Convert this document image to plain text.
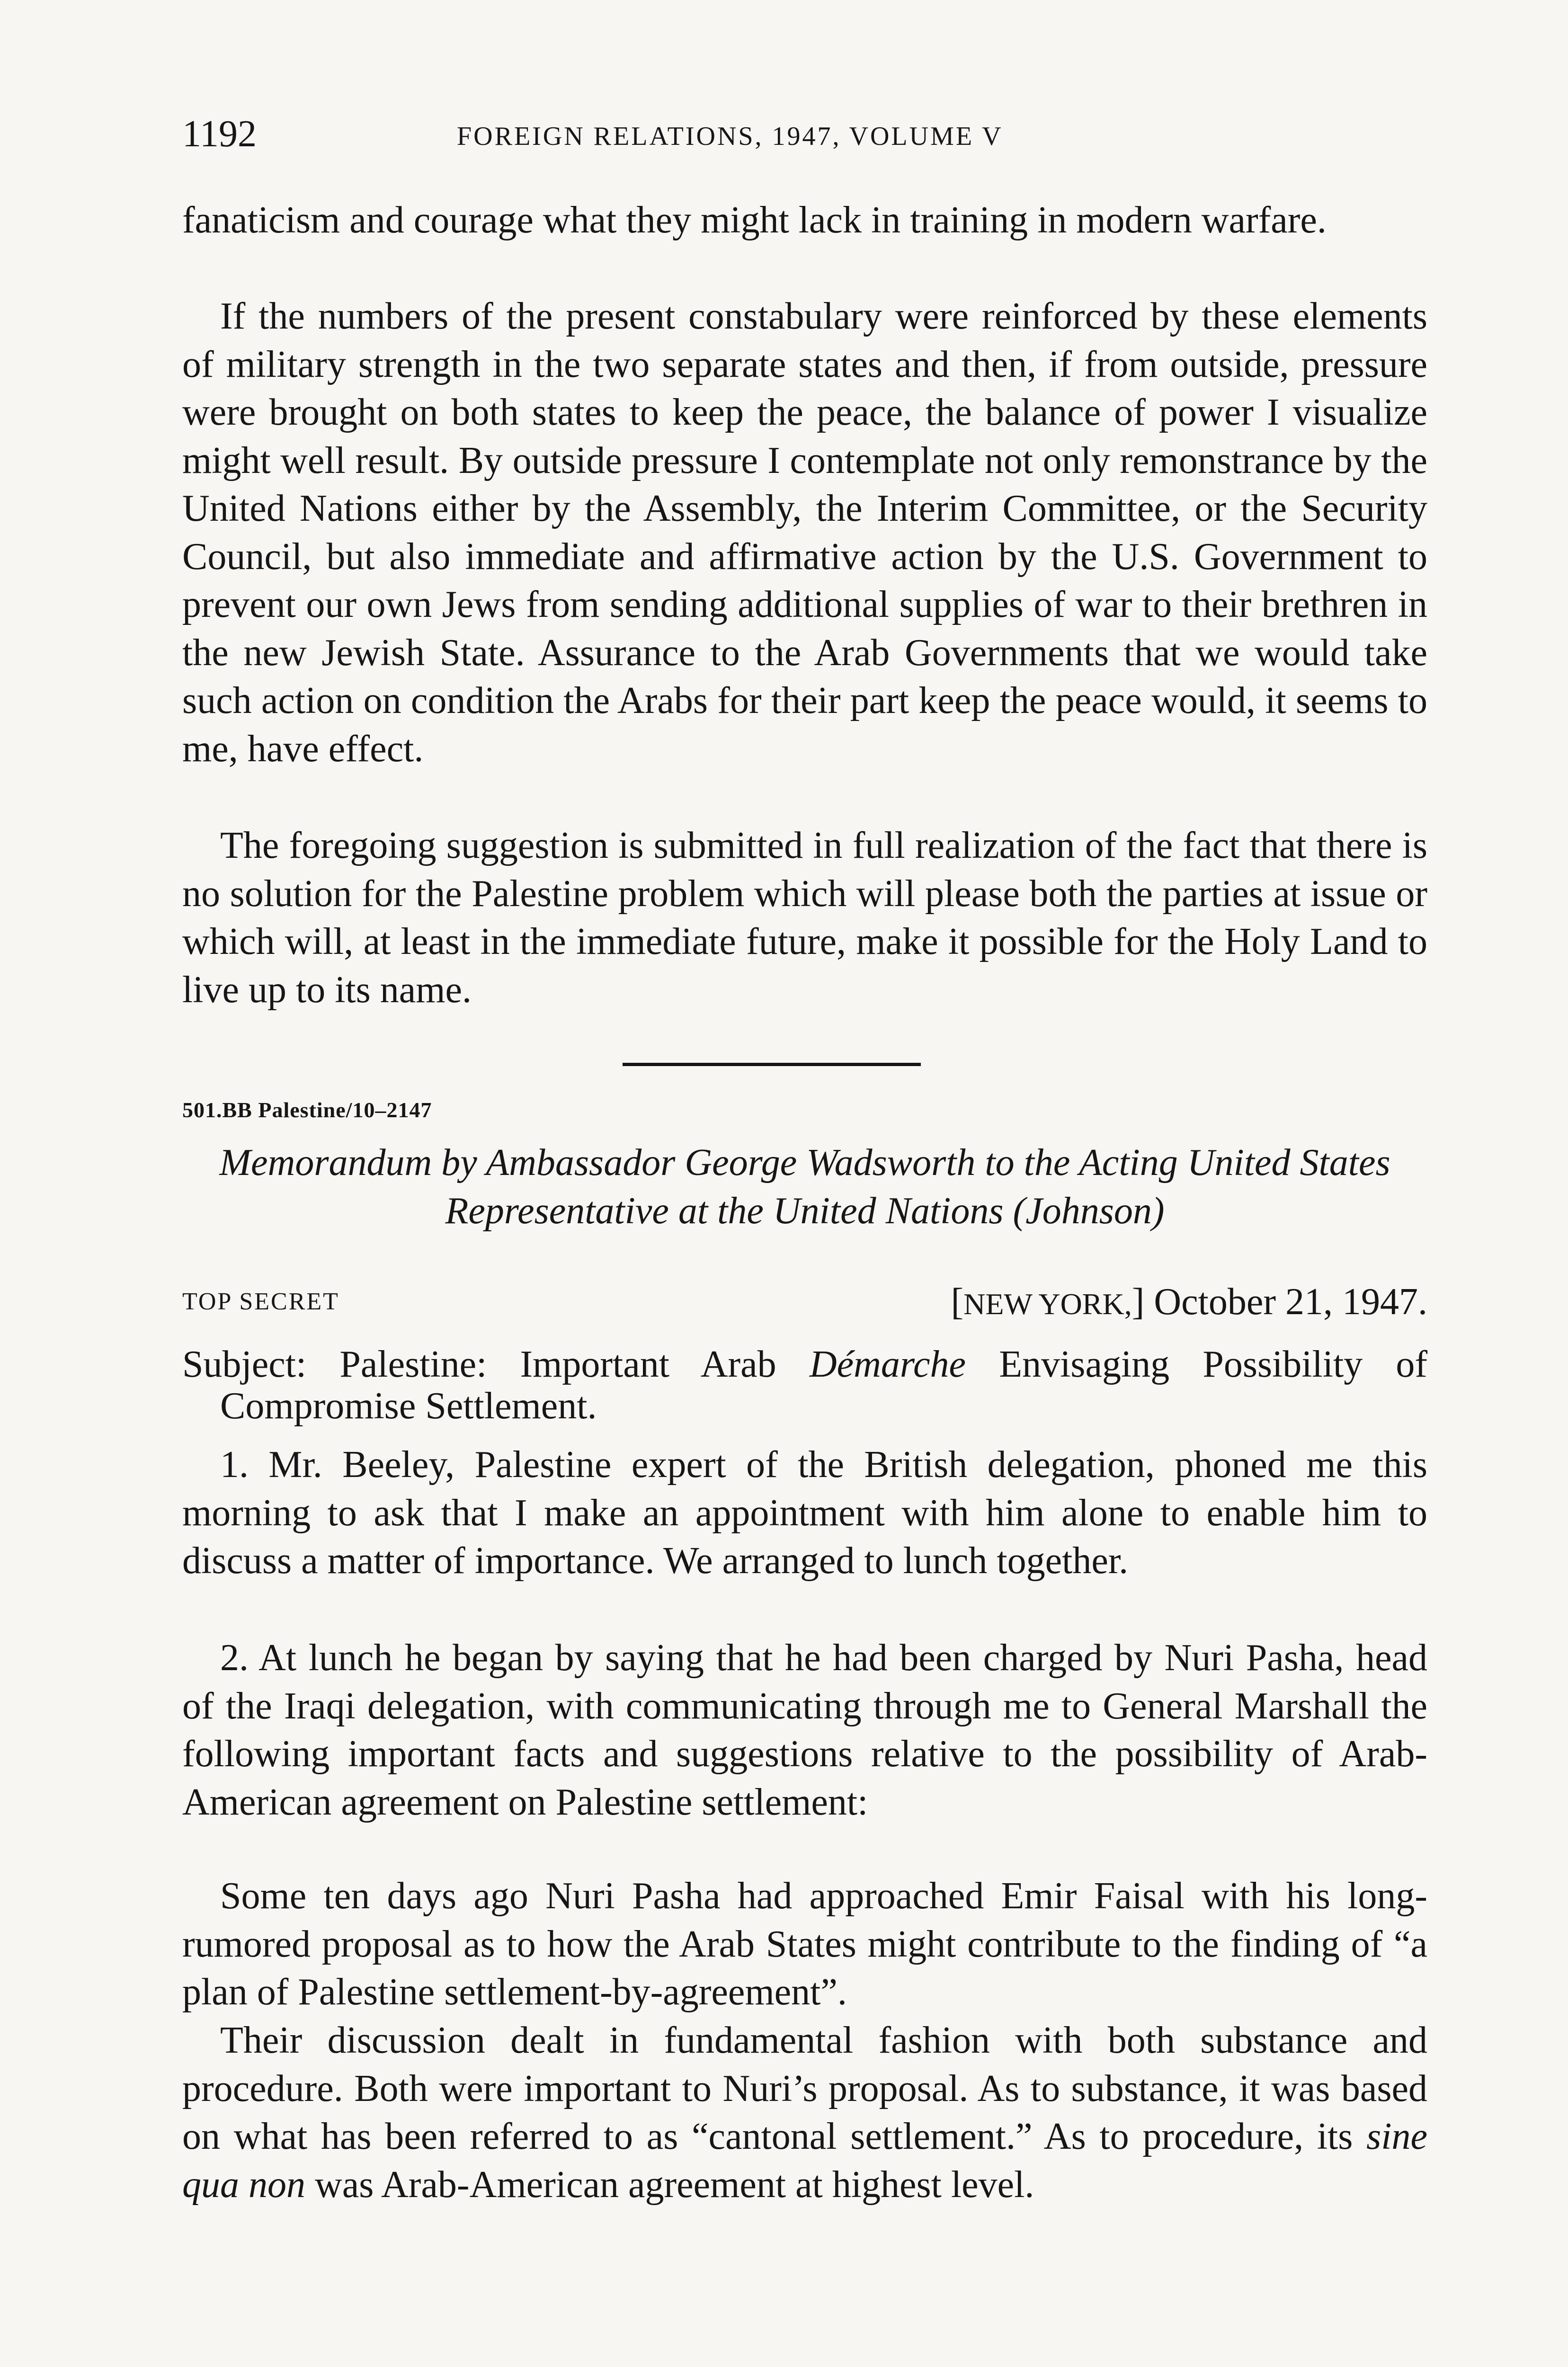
1192	FOREIGN RELATIONS, 1947, VOLUME V

fanaticism and courage what they might lack in training in modern warfare.

If the numbers of the present constabulary were reinforced by these elements of military strength in the two separate states and then, if from outside, pressure were brought on both states to keep the peace, the balance of power I visualize might well result. By outside pressure I contemplate not only remonstrance by the United Nations either by the Assembly, the Interim Committee, or the Security Council, but also immediate and affirmative action by the U.S. Government to prevent our own Jews from sending additional supplies of war to their brethren in the new Jewish State. Assurance to the Arab Governments that we would take such action on condition the Arabs for their part keep the peace would, it seems to me, have effect.

The foregoing suggestion is submitted in full realization of the fact that there is no solution for the Palestine problem which will please both the parties at issue or which will, at least in the immediate future, make it possible for the Holy Land to live up to its name.

501.BB Palestine/10–2147

Memorandum by Ambassador George Wadsworth to the Acting United States Representative at the United Nations (Johnson)

TOP SECRET	[NEW YORK,] October 21, 1947.

Subject: Palestine: Important Arab Démarche Envisaging Possibility of Compromise Settlement.

1. Mr. Beeley, Palestine expert of the British delegation, phoned me this morning to ask that I make an appointment with him alone to enable him to discuss a matter of importance. We arranged to lunch together.

2. At lunch he began by saying that he had been charged by Nuri Pasha, head of the Iraqi delegation, with communicating through me to General Marshall the following important facts and suggestions relative to the possibility of Arab-American agreement on Palestine settlement:

Some ten days ago Nuri Pasha had approached Emir Faisal with his long-rumored proposal as to how the Arab States might contribute to the finding of “a plan of Palestine settlement-by-agreement”.

Their discussion dealt in fundamental fashion with both substance and procedure. Both were important to Nuri’s proposal. As to substance, it was based on what has been referred to as “cantonal settlement.” As to procedure, its sine qua non was Arab-American agreement at highest level.
